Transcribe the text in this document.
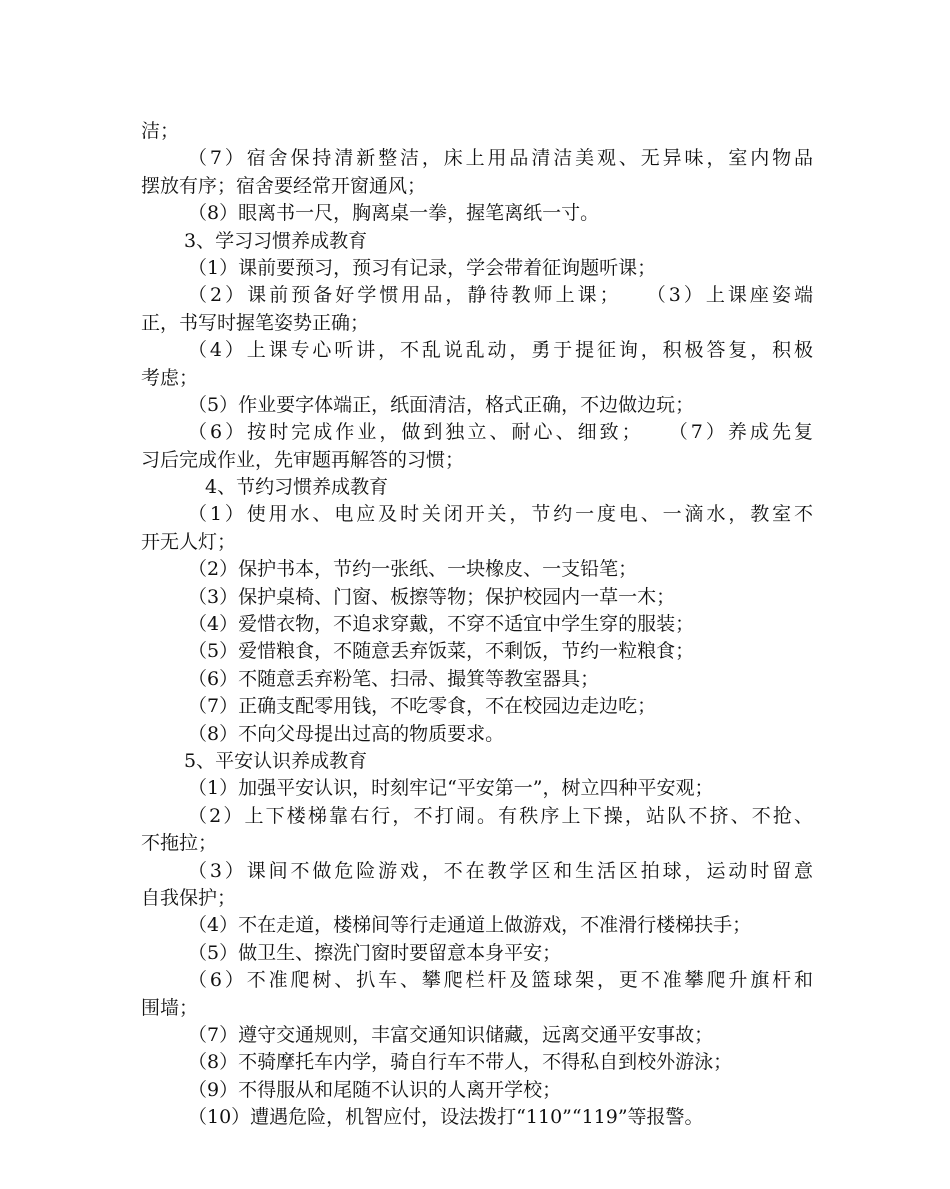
洁；
（7）宿舍保持清新整洁，床上用品清洁美观、无异味，室内物品
摆放有序；宿舍要经常开窗通风；
（8）眼离书一尺，胸离桌一拳，握笔离纸一寸。
3、学习习惯养成教育
（1）课前要预习，预习有记录，学会带着征询题听课；
（2）课前预备好学惯用品，静待教师上课；　　（3）上课座姿端
正，书写时握笔姿势正确；
（4）上课专心听讲，不乱说乱动，勇于提征询，积极答复，积极
考虑；
（5）作业要字体端正，纸面清洁，格式正确，不边做边玩；
（6）按时完成作业，做到独立、耐心、细致；　　（7）养成先复
习后完成作业，先审题再解答的习惯；
4、节约习惯养成教育
（1）使用水、电应及时关闭开关，节约一度电、一滴水，教室不
开无人灯；
（2）保护书本，节约一张纸、一块橡皮、一支铅笔；
（3）保护桌椅、门窗、板擦等物；保护校园内一草一木；
（4）爱惜衣物，不追求穿戴，不穿不适宜中学生穿的服装；
（5）爱惜粮食，不随意丢弃饭菜，不剩饭，节约一粒粮食；
（6）不随意丢弃粉笔、扫帚、撮箕等教室器具；
（7）正确支配零用钱，不吃零食，不在校园边走边吃；
（8）不向父母提出过高的物质要求。
5、平安认识养成教育
（1）加强平安认识，时刻牢记“平安第一”，树立四种平安观；
（2）上下楼梯靠右行，不打闹。有秩序上下操，站队不挤、不抢、
不拖拉；
（3）课间不做危险游戏，不在教学区和生活区拍球，运动时留意
自我保护；
（4）不在走道，楼梯间等行走通道上做游戏，不准滑行楼梯扶手；
（5）做卫生、擦洗门窗时要留意本身平安；
（6）不准爬树、扒车、攀爬栏杆及篮球架，更不准攀爬升旗杆和
围墙；
（7）遵守交通规则，丰富交通知识储藏，远离交通平安事故；
（8）不骑摩托车内学，骑自行车不带人，不得私自到校外游泳；
（9）不得服从和尾随不认识的人离开学校；
（10）遭遇危险，机智应付，设法拨打“110”“119”等报警。
